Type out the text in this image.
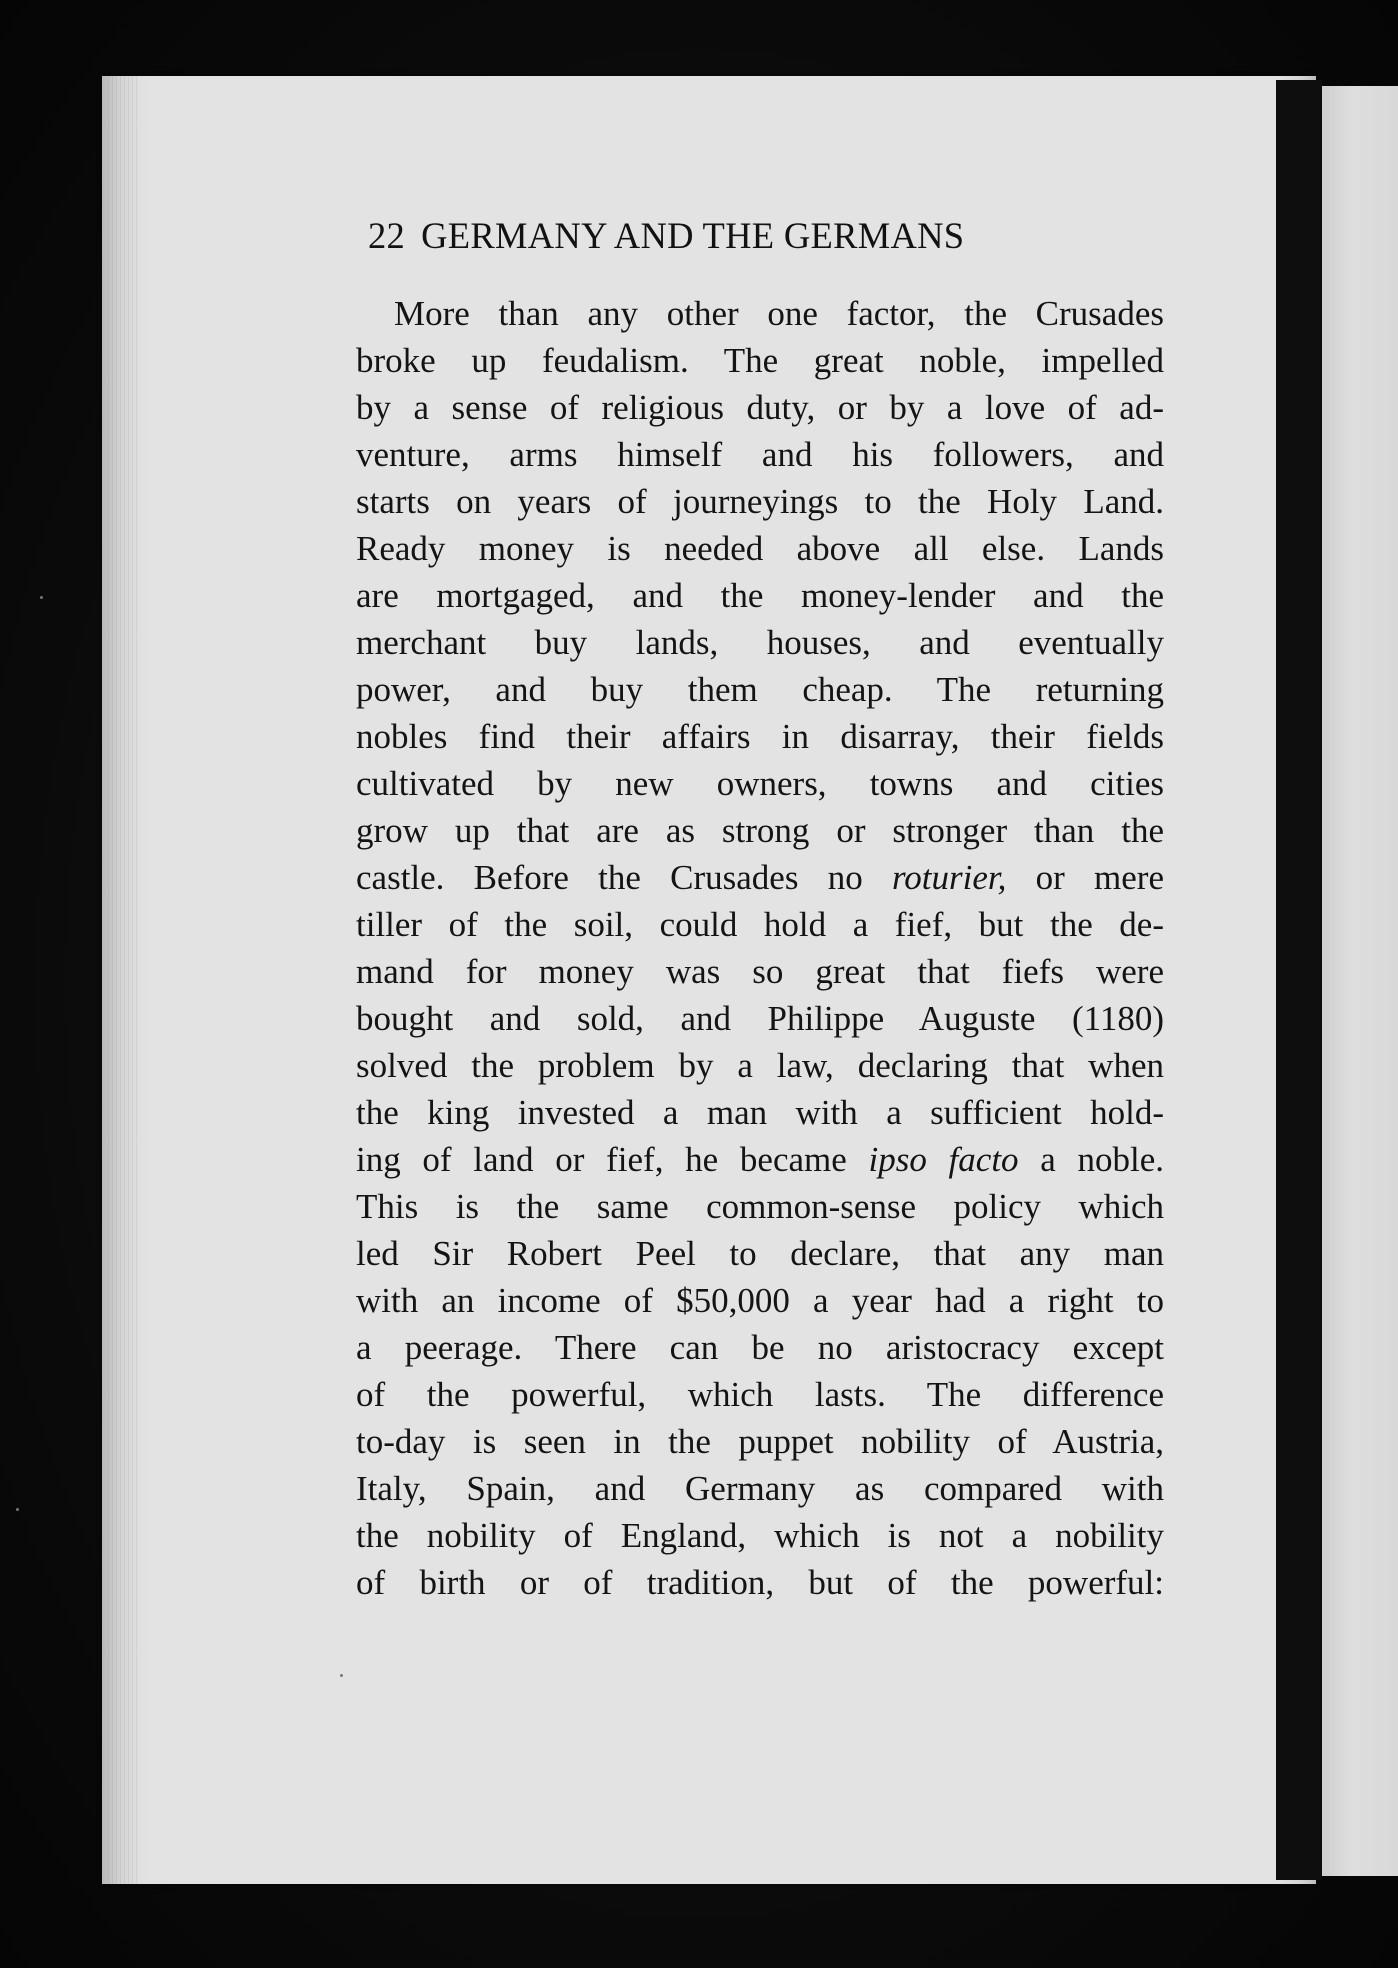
22 GERMANY AND THE GERMANS
More than any other one factor, the Crusades
broke up feudalism. The great noble, impelled
by a sense of religious duty, or by a love of ad-
venture, arms himself and his followers, and
starts on years of journeyings to the Holy Land.
Ready money is needed above all else. Lands
are mortgaged, and the money-lender and the
merchant buy lands, houses, and eventually
power, and buy them cheap. The returning
nobles find their affairs in disarray, their fields
cultivated by new owners, towns and cities
grow up that are as strong or stronger than the
castle. Before the Crusades no roturier, or mere
tiller of the soil, could hold a fief, but the de-
mand for money was so great that fiefs were
bought and sold, and Philippe Auguste (1180)
solved the problem by a law, declaring that when
the king invested a man with a sufficient hold-
ing of land or fief, he became ipso facto a noble.
This is the same common-sense policy which
led Sir Robert Peel to declare, that any man
with an income of $50,000 a year had a right to
a peerage. There can be no aristocracy except
of the powerful, which lasts. The difference
to-day is seen in the puppet nobility of Austria,
Italy, Spain, and Germany as compared with
the nobility of England, which is not a nobility
of birth or of tradition, but of the powerful:
